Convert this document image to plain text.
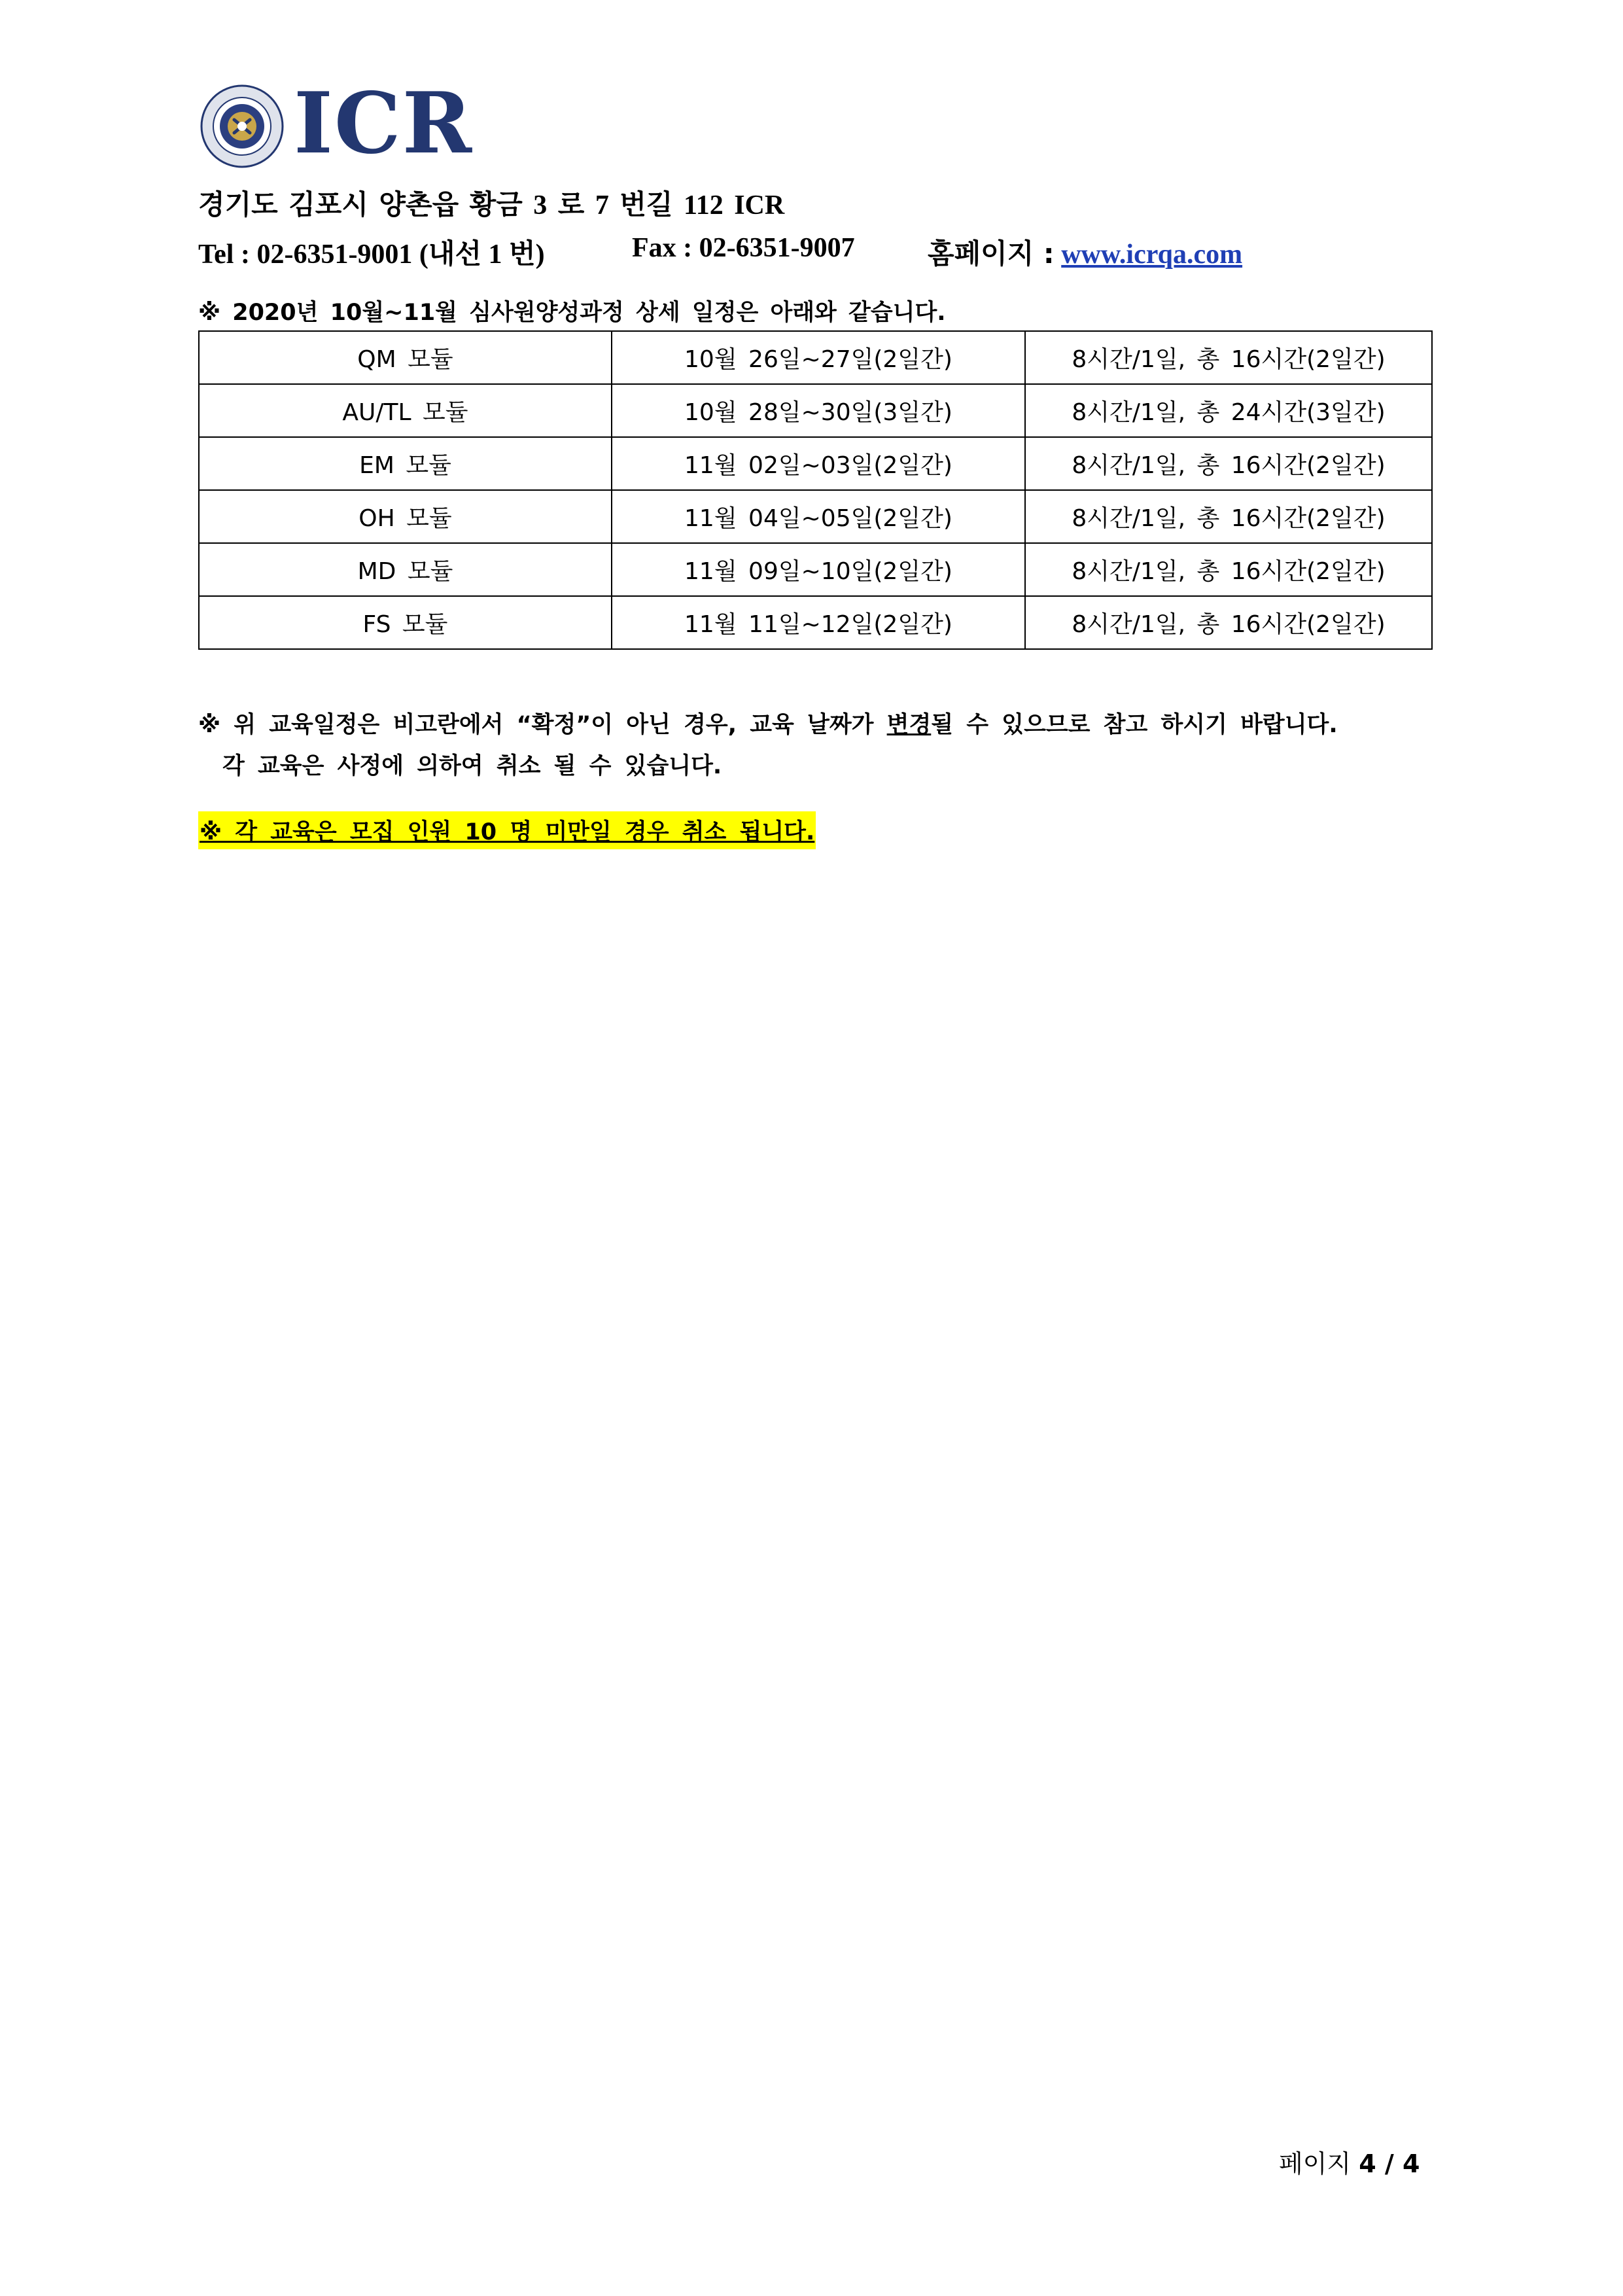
ICR
경기도 김포시 양촌읍 황금 3 로 7 번길 112 ICR
Tel : 02-6351-9001 (내선 1 번)	Fax : 02-6351-9007	홈페이지 : www.icrqa.com
※ 2020년 10월~11월 심사원양성과정 상세 일정은 아래와 같습니다.
QM 모듈	10월 26일~27일(2일간)	8시간/1일, 총 16시간(2일간)
AU/TL 모듈	10월 28일~30일(3일간)	8시간/1일, 총 24시간(3일간)
EM 모듈	11월 02일~03일(2일간)	8시간/1일, 총 16시간(2일간)
OH 모듈	11월 04일~05일(2일간)	8시간/1일, 총 16시간(2일간)
MD 모듈	11월 09일~10일(2일간)	8시간/1일, 총 16시간(2일간)
FS 모듈	11월 11일~12일(2일간)	8시간/1일, 총 16시간(2일간)
※ 위 교육일정은 비고란에서 “확정”이 아닌 경우, 교육 날짜가 변경될 수 있으므로 참고 하시기 바랍니다.
각 교육은 사정에 의하여 취소 될 수 있습니다.
※ 각 교육은 모집 인원 10 명 미만일 경우 취소 됩니다.
페이지 4 / 4
